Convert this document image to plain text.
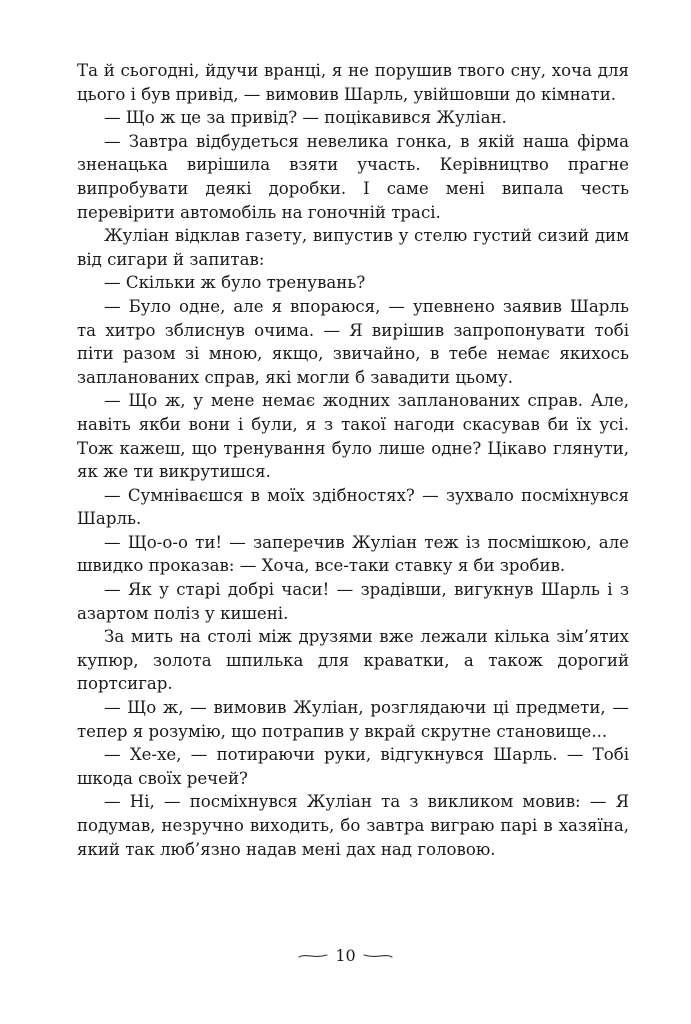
Та й сьогодні, йдучи вранці, я не порушив твого сну, хоча для цього і був привід, — вимовив Шарль, увійшовши до кімнати.

— Що ж це за привід? — поцікавився Жуліан.

— Завтра відбудеться невелика гонка, в якій наша фірма зненацька вирішила взяти участь. Керівництво прагне випробувати деякі доробки. І саме мені випала честь перевірити автомобіль на гоночній трасі.

Жуліан відклав газету, випустив у стелю густий сизий дим від сигари й запитав:

— Скільки ж було тренувань?

— Було одне, але я впораюся, — упевнено заявив Шарль та хитро зблиснув очима. — Я вирішив запропонувати тобі піти разом зі мною, якщо, звичайно, в тебе немає якихось запланованих справ, які могли б завадити цьому.

— Що ж, у мене немає жодних запланованих справ. Але, навіть якби вони і були, я з такої нагоди скасував би їх усі. Тож кажеш, що тренування було лише одне? Цікаво глянути, як же ти викрутишся.

— Сумніваєшся в моїх здібностях? — зухвало посміхнувся Шарль.

— Що-о-о ти! — заперечив Жуліан теж із посмішкою, але швидко проказав: — Хоча, все-таки ставку я би зробив.

— Як у старі добрі часи! — зрадівши, вигукнув Шарль і з азартом поліз у кишені.

За мить на столі між друзями вже лежали кілька зім’ятих купюр, золота шпилька для краватки, а також дорогий портсигар.

— Що ж, — вимовив Жуліан, розглядаючи ці предмети, — тепер я розумію, що потрапив у вкрай скрутне становище...

— Хе-хе, — потираючи руки, відгукнувся Шарль. — Тобі шкода своїх речей?

— Ні, — посміхнувся Жуліан та з викликом мовив: — Я подумав, незручно виходить, бо завтра виграю парі в хазяїна, який так люб’язно надав мені дах над головою.

10
